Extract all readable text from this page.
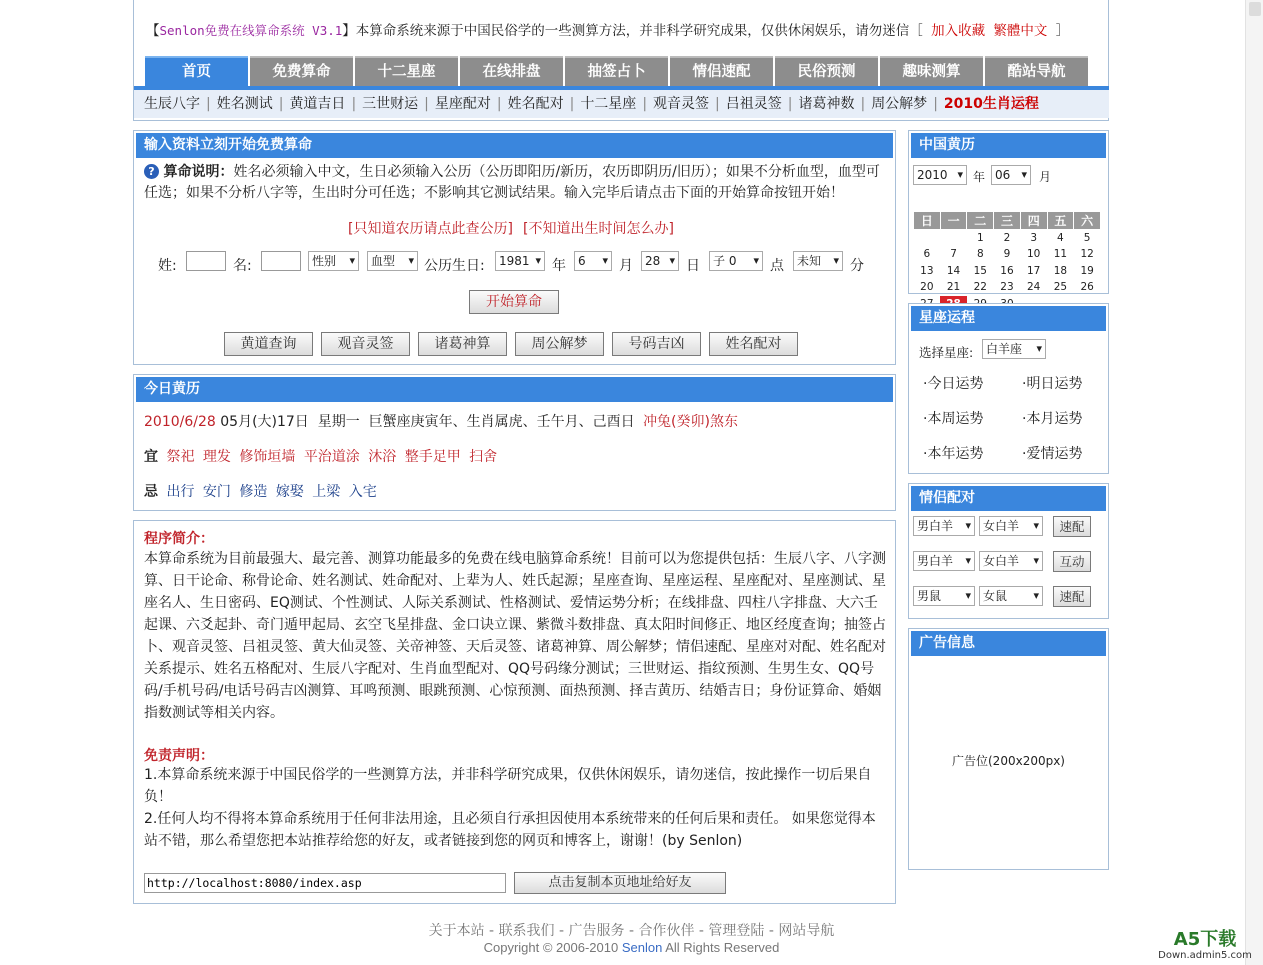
【Senlon免费在线算命系统 V3.1】本算命系统来源于中国民俗学的一些测算方法，并非科学研究成果，仅供休闲娱乐，请勿迷信［ 加入收藏 繁體中文 ］
首页	免费算命	十二星座	在线排盘	抽签占卜	情侣速配	民俗预测	趣味测算	酷站导航
生辰八字 | 姓名测试 | 黄道吉日 | 三世财运 | 星座配对 | 姓名配对 | 十二星座 | 观音灵签 | 吕祖灵签 | 诸葛神数 | 周公解梦 | 2010生肖运程
输入资料立刻开始免费算命
? 算命说明：姓名必须输入中文，生日必须输入公历（公历即阳历/新历，农历即阴历/旧历）；如果不分析血型，血型可任选；如果不分析八字等，生出时分可任选；不影响其它测试结果。输入完毕后请点击下面的开始算命按钮开始！
[只知道农历请点此查公历] [不知道出生时间怎么办]
姓:	名:	性别 ▾	血型 ▾	公历生日:	1981 ▾	年	6 ▾	月	28 ▾	日	子 0 ▾	点	未知 ▾	分
开始算命
黄道查询	观音灵签	诸葛神算	周公解梦	号码吉凶	姓名配对
今日黄历
2010/6/28 05月(大)17日  星期一  巨蟹座庚寅年、生肖属虎、壬午月、己酉日 冲兔(癸卯)煞东
宜 祭祀 理发 修饰垣墙 平治道涂 沐浴 整手足甲 扫舍
忌 出行 安门 修造 嫁娶 上梁 入宅
程序简介：
本算命系统为目前最强大、最完善、测算功能最多的免费在线电脑算命系统！目前可以为您提供包括：生辰八字、八字测算、日干论命、称骨论命、姓名测试、姓命配对、上辈为人、姓氏起源；星座查询、星座运程、星座配对、星座测试、星座名人、生日密码、EQ测试、个性测试、人际关系测试、性格测试、爱情运势分析；在线排盘、四柱八字排盘、大六壬起课、六爻起卦、奇门遁甲起局、玄空飞星排盘、金口诀立课、紫微斗数排盘、真太阳时间修正、地区经度查询；抽签占卜、观音灵签、吕祖灵签、黄大仙灵签、关帝神签、天后灵签、诸葛神算、周公解梦；情侣速配、星座对对配、姓名配对关系提示、姓名五格配对、生辰八字配对、生肖血型配对、QQ号码缘分测试；三世财运、指纹预测、生男生女、QQ号码/手机号码/电话号码吉凶测算、耳鸣预测、眼跳预测、心惊预测、面热预测、择吉黄历、结婚吉日；身份证算命、婚姻指数测试等相关内容。
免责声明：
1.本算命系统来源于中国民俗学的一些测算方法，并非科学研究成果，仅供休闲娱乐，请勿迷信，按此操作一切后果自负！
2.任何人均不得将本算命系统用于任何非法用途，且必须自行承担因使用本系统带来的任何后果和责任。 如果您觉得本站不错，那么希望您把本站推荐给您的好友，或者链接到您的网页和博客上，谢谢！(by Senlon)
http://localhost:8080/index.asp
点击复制本页地址给好友
中国黄历
2010 ▾	年 06 ▾	月
日	一	二	三	四	五	六
		1	2	3	4	5
6	7	8	9	10	11	12
13	14	15	16	17	18	19
20	21	22	23	24	25	26

星座运程
选择星座:	白羊座 ▾
·今日运势	·明日运势
·本周运势	·本月运势
·本年运势	·爱情运势
情侣配对
男白羊 ▾	女白羊 ▾	速配
男白羊 ▾	女白羊 ▾	互动
男鼠 ▾	女鼠 ▾	速配
广告信息
广告位(200x200px)
关于本站 - 联系我们 - 广告服务 - 合作伙伴 - 管理登陆 - 网站导航
Copyright © 2006-2010 Senlon All Rights Reserved	A5下载
Down.admin5.com
